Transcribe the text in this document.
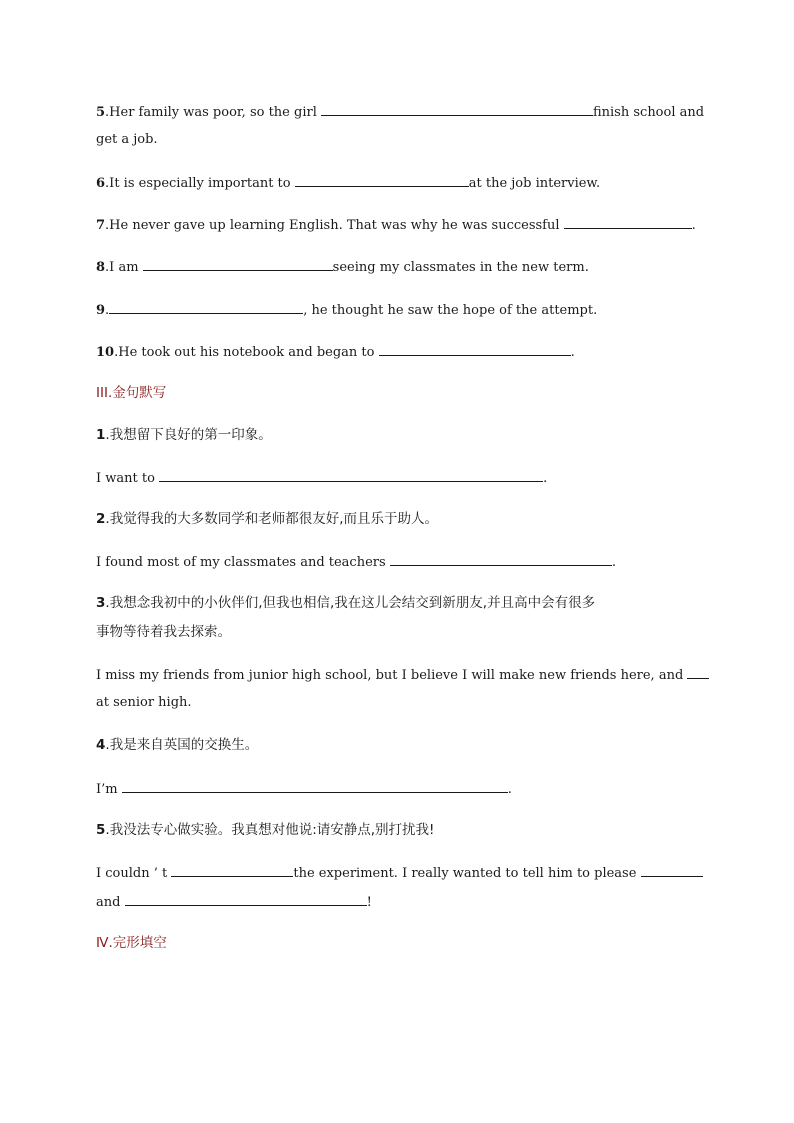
5.Her family was poor, so the girl	finish school and
get a job.
6.It is especially important to	at the job interview.
7.He never gave up learning English. That was why he was successful	.
8.I am	seeing my classmates in the new term.
9.	, he thought he saw the hope of the attempt.
10.He took out his notebook and began to	.
III.金句默写
1.我想留下良好的第一印象。
I want to	.
2.我觉得我的大多数同学和老师都很友好,而且乐于助人。
I found most of my classmates and teachers	.
3.我想念我初中的小伙伴们,但我也相信,我在这儿会结交到新朋友,并且高中会有很多
事物等待着我去探索。
I miss my friends from junior high school, but I believe I will make new friends here, and
at senior high.
4.我是来自英国的交换生。
I’m	.
5.我没法专心做实验。我真想对他说:请安静点,别打扰我!
I couldn ’ t	the experiment. I really wanted to tell him to please
and	!
Ⅳ.完形填空
